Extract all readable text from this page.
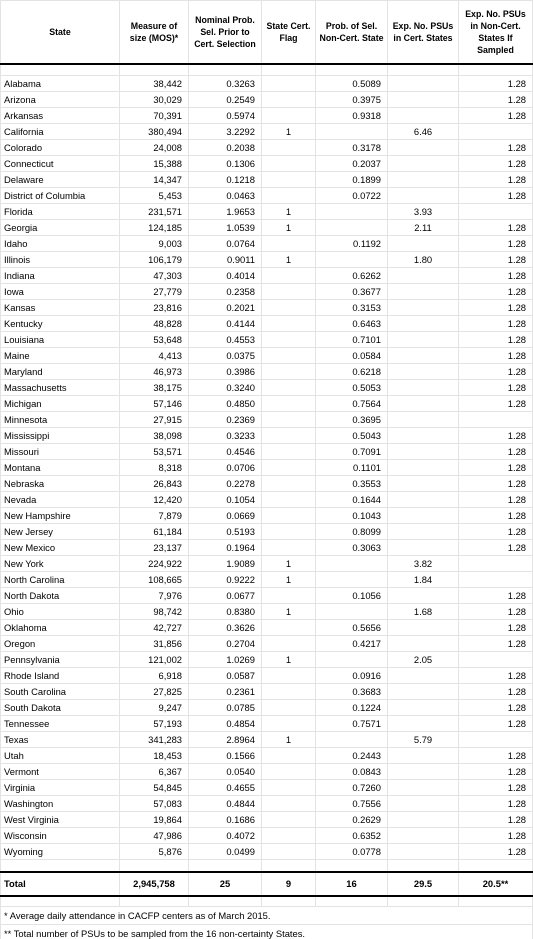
State	Measure of size (MOS)*	Nominal Prob. Sel. Prior to Cert. Selection	State Cert. Flag	Prob. of Sel. Non-Cert. State	Exp. No. PSUs in Cert. States	Exp. No. PSUs in Non-Cert. States If Sampled

Alabama	38,442	0.3263		0.5089		1.28
Arizona	30,029	0.2549		0.3975		1.28
Arkansas	70,391	0.5974		0.9318		1.28
California	380,494	3.2292	1		6.46	
Colorado	24,008	0.2038		0.3178		1.28
Connecticut	15,388	0.1306		0.2037		1.28
Delaware	14,347	0.1218		0.1899		1.28
District of Columbia	5,453	0.0463		0.0722		1.28
Florida	231,571	1.9653	1		3.93	
Georgia	124,185	1.0539	1		2.11	1.28
Idaho	9,003	0.0764		0.1192		1.28
Illinois	106,179	0.9011	1		1.80	1.28
Indiana	47,303	0.4014		0.6262		1.28
Iowa	27,779	0.2358		0.3677		1.28
Kansas	23,816	0.2021		0.3153		1.28
Kentucky	48,828	0.4144		0.6463		1.28
Louisiana	53,648	0.4553		0.7101		1.28
Maine	4,413	0.0375		0.0584		1.28
Maryland	46,973	0.3986		0.6218		1.28
Massachusetts	38,175	0.3240		0.5053		1.28
Michigan	57,146	0.4850		0.7564		1.28
Minnesota	27,915	0.2369		0.3695		
Mississippi	38,098	0.3233		0.5043		1.28
Missouri	53,571	0.4546		0.7091		1.28
Montana	8,318	0.0706		0.1101		1.28
Nebraska	26,843	0.2278		0.3553		1.28
Nevada	12,420	0.1054		0.1644		1.28
New Hampshire	7,879	0.0669		0.1043		1.28
New Jersey	61,184	0.5193		0.8099		1.28
New Mexico	23,137	0.1964		0.3063		1.28
New York	224,922	1.9089	1		3.82	
North Carolina	108,665	0.9222	1		1.84	
North Dakota	7,976	0.0677		0.1056		1.28
Ohio	98,742	0.8380	1		1.68	1.28
Oklahoma	42,727	0.3626		0.5656		1.28
Oregon	31,856	0.2704		0.4217		1.28
Pennsylvania	121,002	1.0269	1		2.05	
Rhode Island	6,918	0.0587		0.0916		1.28
South Carolina	27,825	0.2361		0.3683		1.28
South Dakota	9,247	0.0785		0.1224		1.28
Tennessee	57,193	0.4854		0.7571		1.28
Texas	341,283	2.8964	1		5.79	
Utah	18,453	0.1566		0.2443		1.28
Vermont	6,367	0.0540		0.0843		1.28
Virginia	54,845	0.4655		0.7260		1.28
Washington	57,083	0.4844		0.7556		1.28
West Virginia	19,864	0.1686		0.2629		1.28
Wisconsin	47,986	0.4072		0.6352		1.28
Wyoming	5,876	0.0499		0.0778		1.28

Total	2,945,758	25	9	16	29.5	20.5**

* Average daily attendance in CACFP centers as of March 2015.						
** Total number of PSUs to be sampled from the 16 non-certainty States.						
